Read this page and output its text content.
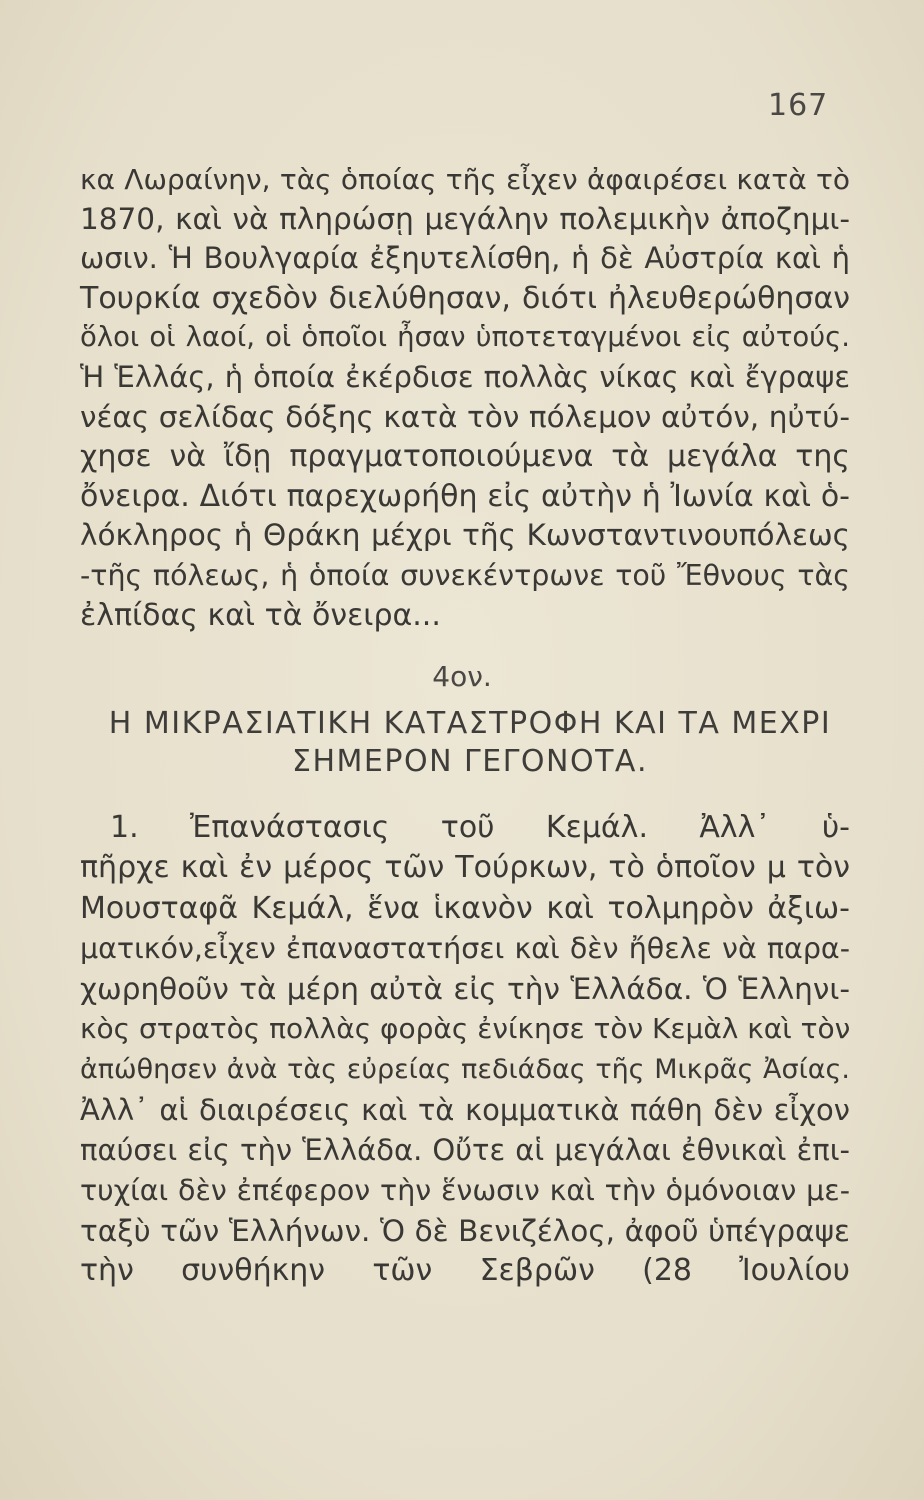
167
κα Λωραίνην, τὰς ὁποίας τῆς εἶχεν ἀφαιρέσει κατὰ τὸ
1870, καὶ νὰ πληρώσῃ μεγάλην πολεμικὴν ἀποζημι-
ωσιν. Ἡ Βουλγαρία ἐξηυτελίσθη, ἡ δὲ Αὐστρία καὶ ἡ
Τουρκία σχεδὸν διελύθησαν, διότι ἠλευθερώθησαν
ὅλοι οἱ λαοί, οἱ ὁποῖοι ἦσαν ὑποτεταγμένοι εἰς αὐτούς.
Ἡ Ἑλλάς, ἡ ὁποία ἐκέρδισε πολλὰς νίκας καὶ ἔγραψε
νέας σελίδας δόξης κατὰ τὸν πόλεμον αὐτόν, ηὐτύ-
χησε νὰ ἴδῃ πραγματοποιούμενα τὰ μεγάλα της
ὄνειρα. Διότι παρεχωρήθη εἰς αὐτὴν ἡ Ἰωνία καὶ ὁ-
λόκληρος ἡ Θράκη μέχρι τῆς Κωνσταντινουπόλεως
-τῆς πόλεως, ἡ ὁποία συνεκέντρωνε τοῦ Ἔθνους τὰς
ἐλπίδας καὶ τὰ ὄνειρα...
4ον.
Η ΜΙΚΡΑΣΙΑΤΙΚΗ ΚΑΤΑΣΤΡΟΦΗ ΚΑΙ ΤΑ ΜΕΧΡΙ
ΣΗΜΕΡΟΝ ΓΕΓΟΝΟΤΑ.
1. Ἐπανάστασις τοῦ Κεμάλ. Ἀλλ᾿ ὑ-
πῆρχε καὶ ἐν μέρος τῶν Τούρκων, τὸ ὁποῖον μ τὸν
Μουσταφᾶ Κεμάλ, ἕνα ἱκανὸν καὶ τολμηρὸν ἀξιω-
ματικόν,εἶχεν ἐπαναστατήσει καὶ δὲν ἤθελε νὰ παρα-
χωρηθοῦν τὰ μέρη αὐτὰ εἰς τὴν Ἑλλάδα. Ὁ Ἑλληνι-
κὸς στρατὸς πολλὰς φορὰς ἐνίκησε τὸν Κεμὰλ καὶ τὸν
ἀπώθησεν ἀνὰ τὰς εὐρείας πεδιάδας τῆς Μικρᾶς Ἀσίας.
Ἀλλ᾿ αἱ διαιρέσεις καὶ τὰ κομματικὰ πάθη δὲν εἶχον
παύσει εἰς τὴν Ἑλλάδα. Οὔτε αἱ μεγάλαι ἐθνικαὶ ἐπι-
τυχίαι δὲν ἐπέφερον τὴν ἕνωσιν καὶ τὴν ὁμόνοιαν με-
ταξὺ τῶν Ἑλλήνων. Ὁ δὲ Βενιζέλος, ἀφοῦ ὑπέγραψε
τὴν συνθήκην τῶν Σεβρῶν (28 Ἰουλίου
